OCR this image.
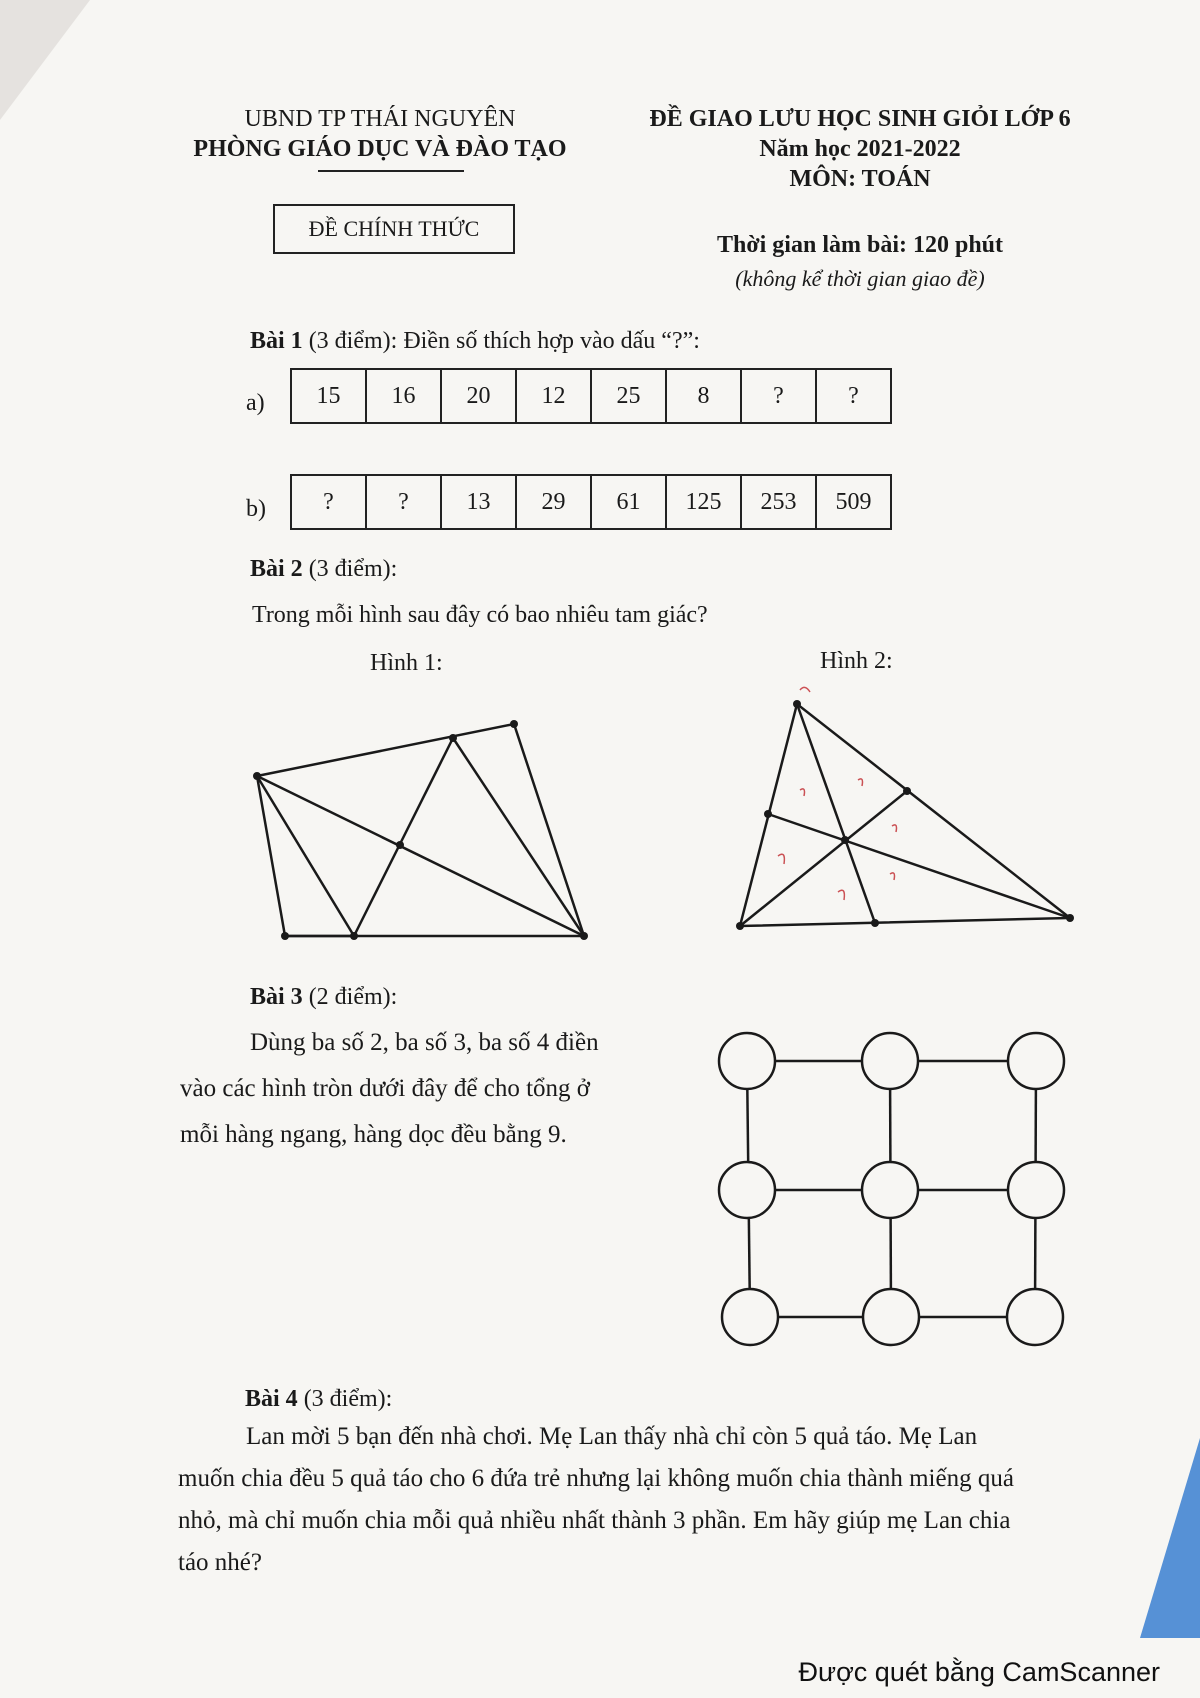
UBND TP THÁI NGUYÊN
PHÒNG GIÁO DỤC VÀ ĐÀO TẠO
ĐỀ GIAO LƯU HỌC SINH GIỎI LỚP 6
Năm học 2021-2022
MÔN: TOÁN
ĐỀ CHÍNH THỨC
Thời gian làm bài: 120 phút
(không kể thời gian giao đề)
Bài 1 (3 điểm): Điền số thích hợp vào dấu “?”:
a) 15	16	20	12	25	8	?	?
b) ?	?	13	29	61	125	253	509
Bài 2 (3 điểm):
Trong mỗi hình sau đây có bao nhiêu tam giác?
Hình 1:	Hình 2:
Bài 3 (2 điểm):
Dùng ba số 2, ba số 3, ba số 4 điền
vào các hình tròn dưới đây để cho tổng ở
mỗi hàng ngang, hàng dọc đều bằng 9.
Bài 4 (3 điểm):
Lan mời 5 bạn đến nhà chơi. Mẹ Lan thấy nhà chỉ còn 5 quả táo. Mẹ Lan
muốn chia đều 5 quả táo cho 6 đứa trẻ nhưng lại không muốn chia thành miếng quá
nhỏ, mà chỉ muốn chia mỗi quả nhiều nhất thành 3 phần. Em hãy giúp mẹ Lan chia
táo nhé?
Được quét bằng CamScanner
